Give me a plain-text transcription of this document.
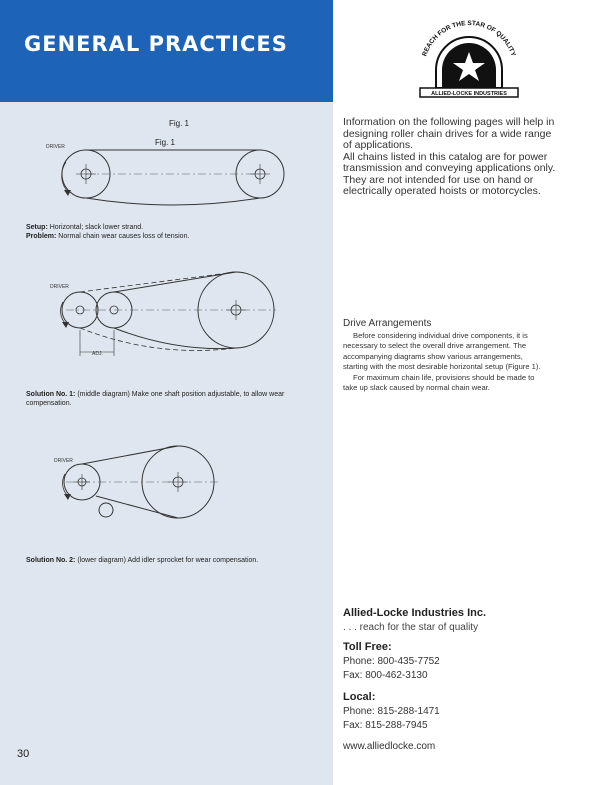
GENERAL PRACTICES	REACH FOR THE STAR OF QUALITY
ALLIED-LOCKE INDUSTRIES
Fig. 1
Fig. 1
DRIVER
Setup: Horizontal; slack lower strand.
Problem: Normal chain wear causes loss of tension.
DRIVER
ADJ.
Solution No. 1: (middle diagram) Make one shaft position adjustable, to allow wear compensation.
DRIVER
Solution No. 2: (lower diagram) Add idler sprocket for wear compensation.
30

Information on the following pages will help in designing roller chain drives for a wide range of applications.

All chains listed in this catalog are for power transmission and conveying applications only. They are not intended for use on hand or electrically operated hoists or motorcycles.

Drive Arrangements

Before considering individual drive components, it is necessary to select the overall drive arrangement. The accompanying diagrams show various arrangements, starting with the most desirable horizontal setup (Figure 1).

For maximum chain life, provisions should be made to take up slack caused by normal chain wear.

Allied-Locke Industries Inc.
. . . reach for the star of quality
Toll Free:
Phone: 800-435-7752
Fax: 800-462-3130
Local:
Phone: 815-288-1471
Fax: 815-288-7945
www.alliedlocke.com
